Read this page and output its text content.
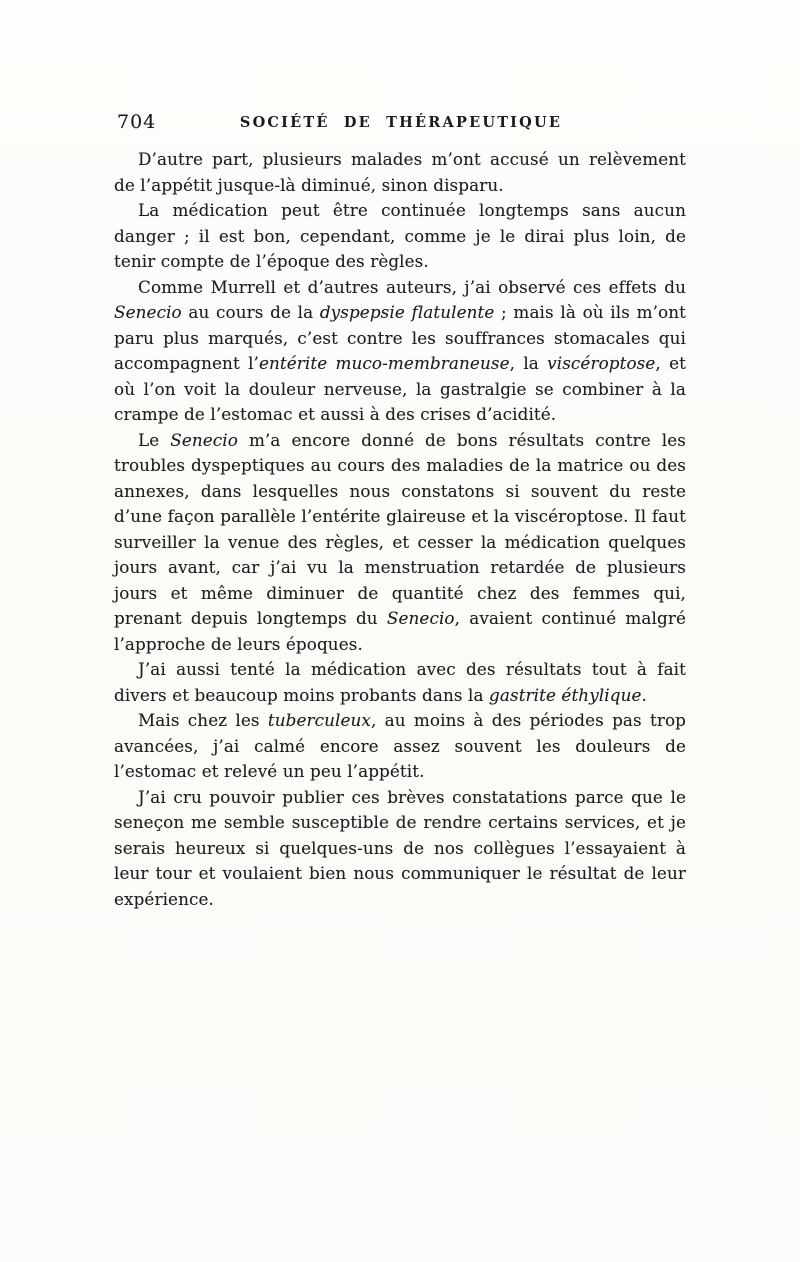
704	SOCIÉTÉ DE THÉRAPEUTIQUE

D’autre part, plusieurs malades m’ont accusé un relèvement de l’appétit jusque-là diminué, sinon disparu.

La médication peut être continuée longtemps sans aucun danger ; il est bon, cependant, comme je le dirai plus loin, de tenir compte de l’époque des règles.

Comme Murrell et d’autres auteurs, j’ai observé ces effets du Senecio au cours de la dyspepsie flatulente ; mais là où ils m’ont paru plus marqués, c’est contre les souffrances stomacales qui accompagnent l’entérite muco-membraneuse, la viscéroptose, et où l’on voit la douleur nerveuse, la gastralgie se combiner à la crampe de l’estomac et aussi à des crises d’acidité.

Le Senecio m’a encore donné de bons résultats contre les troubles dyspeptiques au cours des maladies de la matrice ou des annexes, dans lesquelles nous constatons si souvent du reste d’une façon parallèle l’entérite glaireuse et la viscéroptose. Il faut surveiller la venue des règles, et cesser la médication quelques jours avant, car j’ai vu la menstruation retardée de plusieurs jours et même diminuer de quantité chez des femmes qui, prenant depuis longtemps du Senecio, avaient continué malgré l’approche de leurs époques.

J’ai aussi tenté la médication avec des résultats tout à fait divers et beaucoup moins probants dans la gastrite éthylique.

Mais chez les tuberculeux, au moins à des périodes pas trop avancées, j’ai calmé encore assez souvent les douleurs de l’estomac et relevé un peu l’appétit.

J’ai cru pouvoir publier ces brèves constatations parce que le seneçon me semble susceptible de rendre certains services, et je serais heureux si quelques-uns de nos collègues l’essayaient à leur tour et voulaient bien nous communiquer le résultat de leur expérience.
